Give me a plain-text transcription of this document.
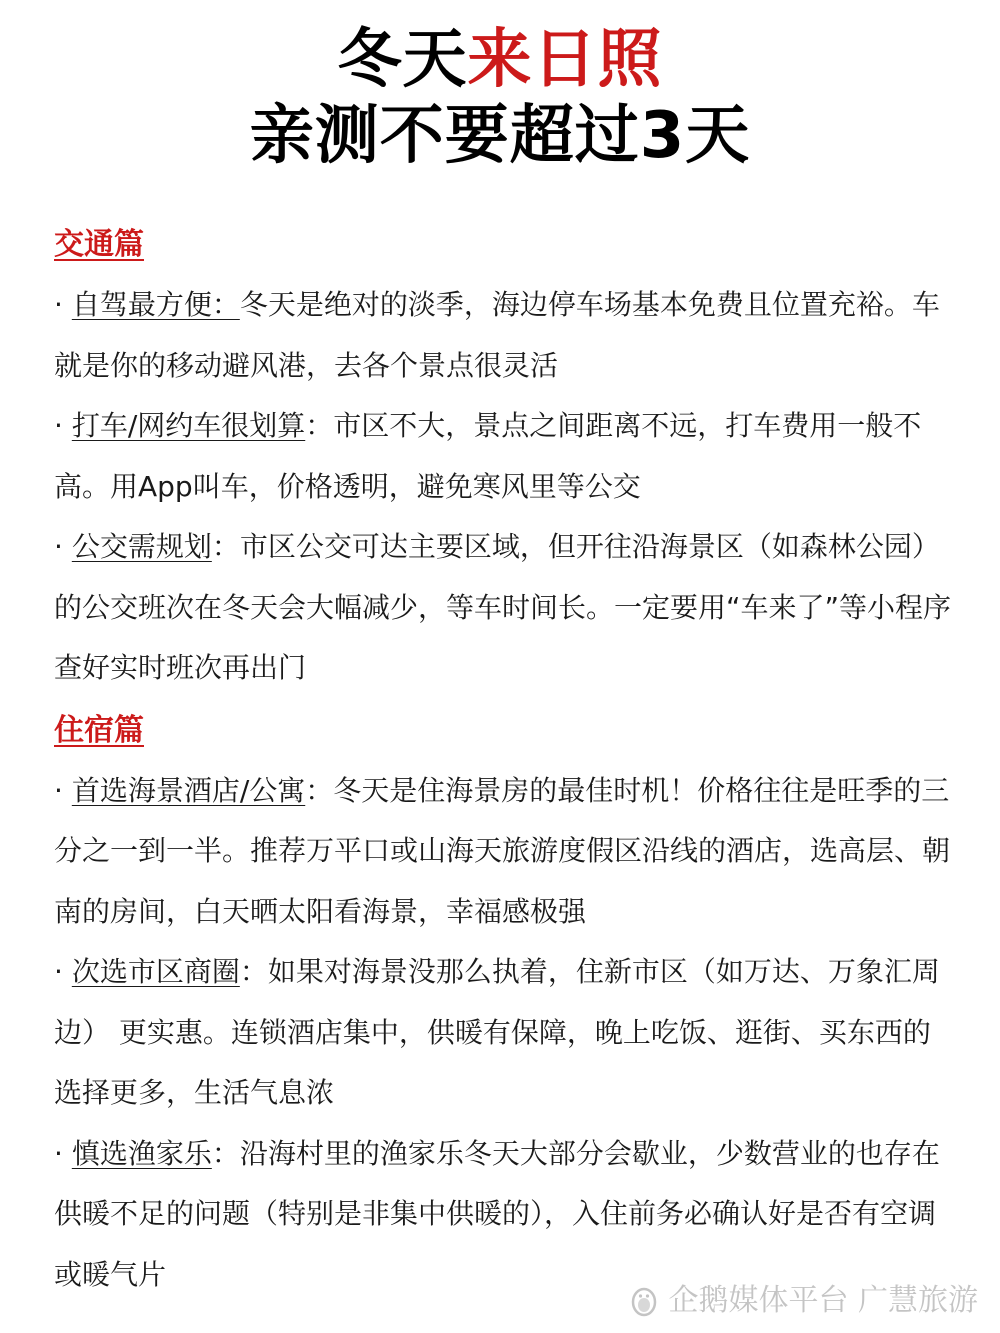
冬天来日照
亲测不要超过3天
交通篇
· 自驾最方便：冬天是绝对的淡季，海边停车场基本免费且位置充裕。车就是你的移动避风港，去各个景点很灵活
· 打车/网约车很划算：市区不大，景点之间距离不远，打车费用一般不高。用App叫车，价格透明，避免寒风里等公交
· 公交需规划：市区公交可达主要区域，但开往沿海景区（如森林公园）的公交班次在冬天会大幅减少，等车时间长。一定要用“车来了”等小程序查好实时班次再出门
住宿篇
· 首选海景酒店/公寓：冬天是住海景房的最佳时机！价格往往是旺季的三分之一到一半。推荐万平口或山海天旅游度假区沿线的酒店，选高层、朝南的房间，白天晒太阳看海景，幸福感极强
· 次选市区商圈：如果对海景没那么执着，住新市区（如万达、万象汇周边） 更实惠。连锁酒店集中，供暖有保障，晚上吃饭、逛街、买东西的选择更多，生活气息浓
· 慎选渔家乐：沿海村里的渔家乐冬天大部分会歇业，少数营业的也存在供暖不足的问题（特别是非集中供暖的），入住前务必确认好是否有空调或暖气片
企鹅媒体平台 广慧旅游
